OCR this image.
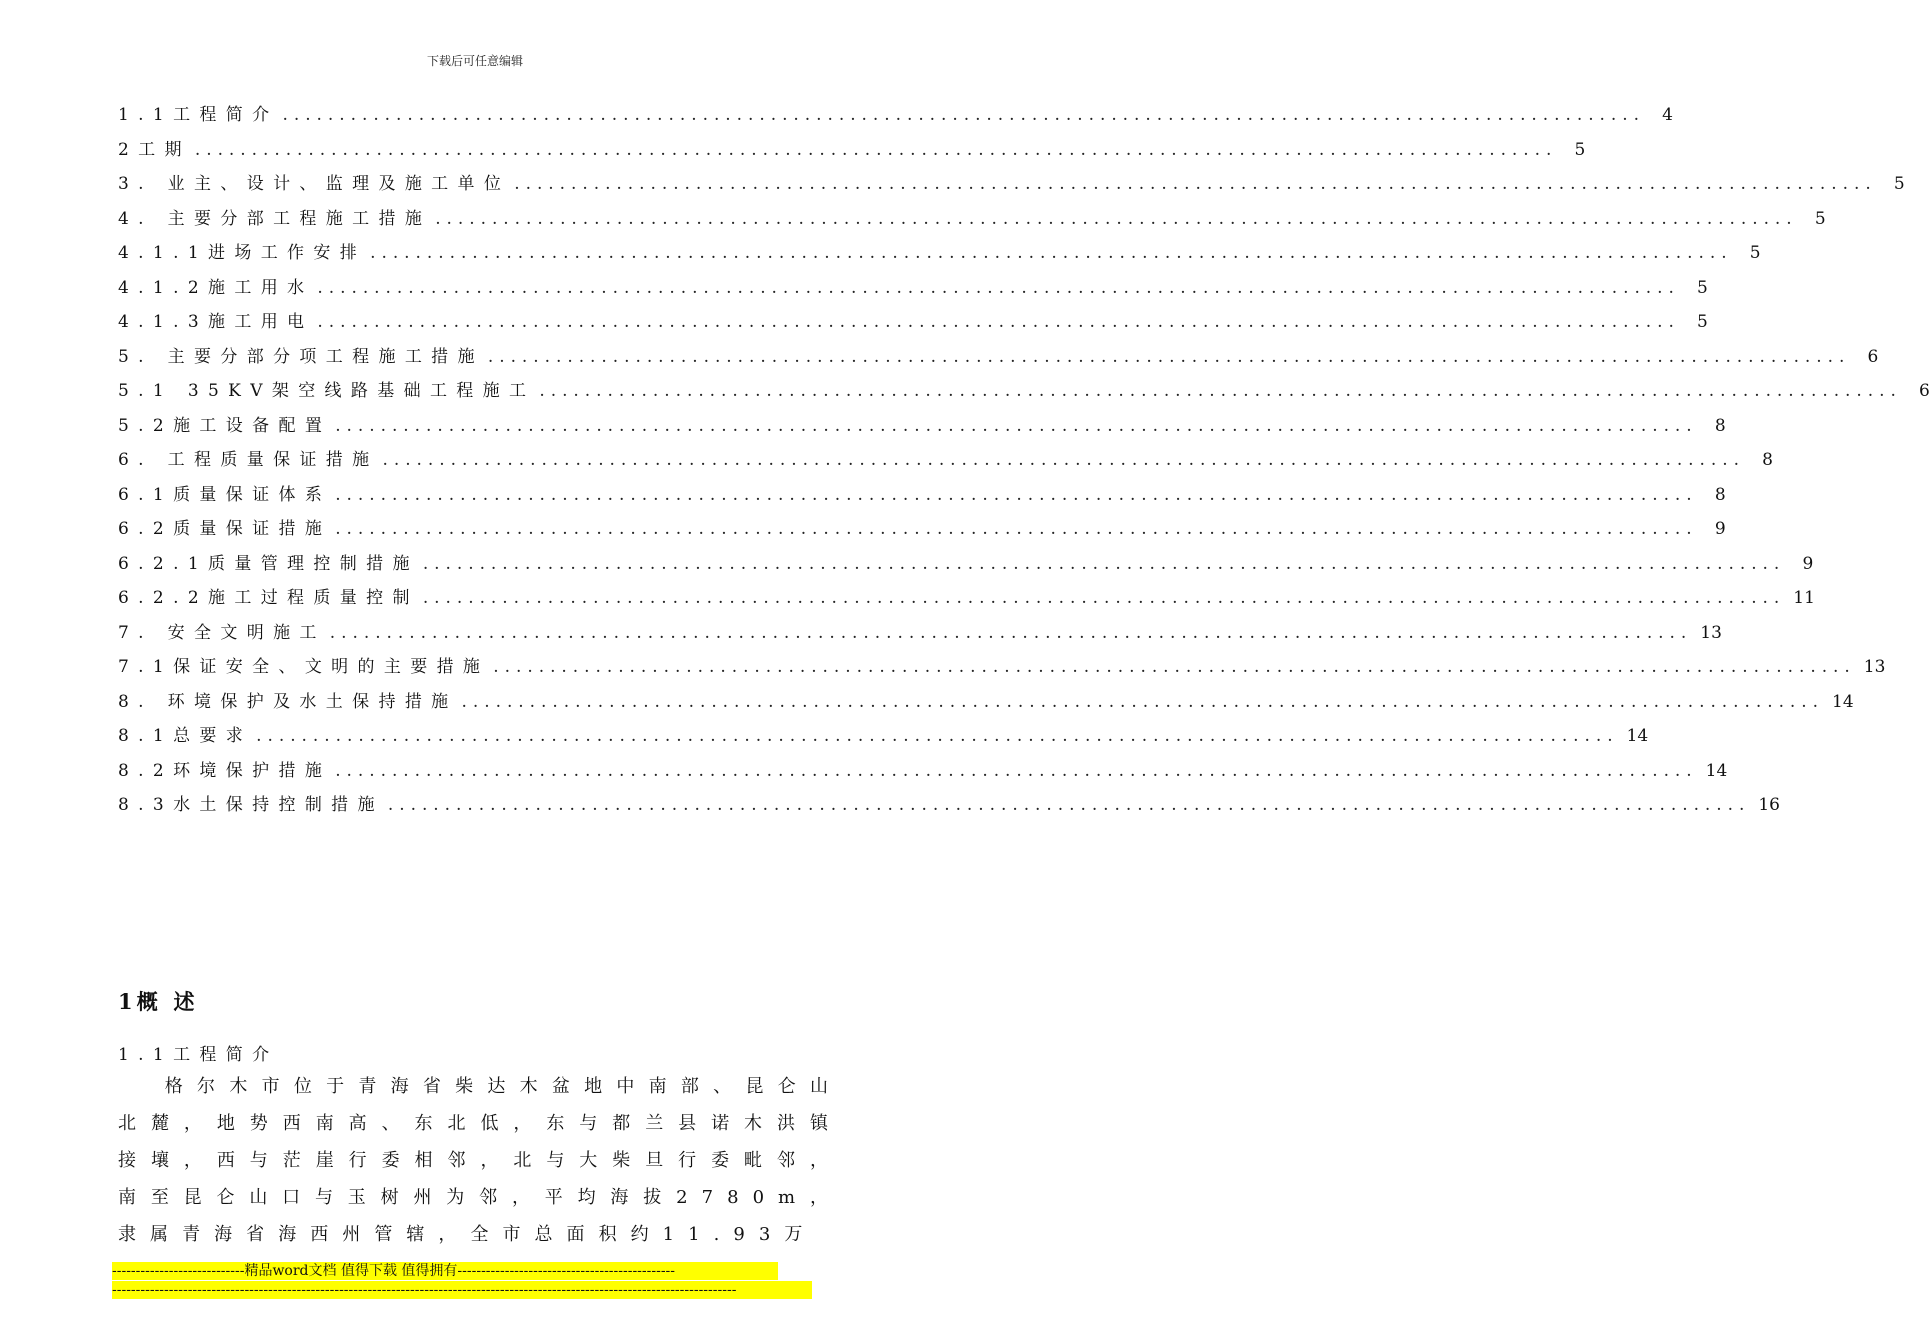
下载后可任意编辑
1.1工程简介 ........................................................................................................................	4
2工期 ........................................................................................................................	5
3. 业主、设计、监理及施工单位 ........................................................................................................................	5
4. 主要分部工程施工措施 ........................................................................................................................	5
4.1.1进场工作安排 ........................................................................................................................	5
4.1.2施工用水 ........................................................................................................................	5
4.1.3施工用电 ........................................................................................................................	5
5. 主要分部分项工程施工措施 ........................................................................................................................	6
5.1 35KV架空线路基础工程施工 ........................................................................................................................	6
5.2施工设备配置 ........................................................................................................................	8
6. 工程质量保证措施 ........................................................................................................................	8
6.1质量保证体系 ........................................................................................................................	8
6.2质量保证措施 ........................................................................................................................	9
6.2.1质量管理控制措施 ........................................................................................................................	9
6.2.2施工过程质量控制 ........................................................................................................................ 11
7. 安全文明施工 ........................................................................................................................ 13
7.1保证安全、文明的主要措施 ........................................................................................................................ 13
8. 环境保护及水土保持措施 ........................................................................................................................ 14
8.1总要求 ........................................................................................................................ 14
8.2环境保护措施 ........................................................................................................................ 14
8.3水土保持控制措施 ........................................................................................................................ 16
1概 述
1.1工程简介

格尔木市位于青海省柴达木盆地中南部、昆仑山北麓，地势西南高、东北低，东与都兰县诺木洪镇接壤，西与茫崖行委相邻，北与大柴旦行委毗邻，南至昆仑山口与玉树州为邻，平均海拔2780m，隶属青海省海西州管辖，全市总面积约11.93万

----------------------------精品word文档 值得下载 值得拥有----------------------------------------------
------------------------------------------------------------------------------------------------------------------------------------
